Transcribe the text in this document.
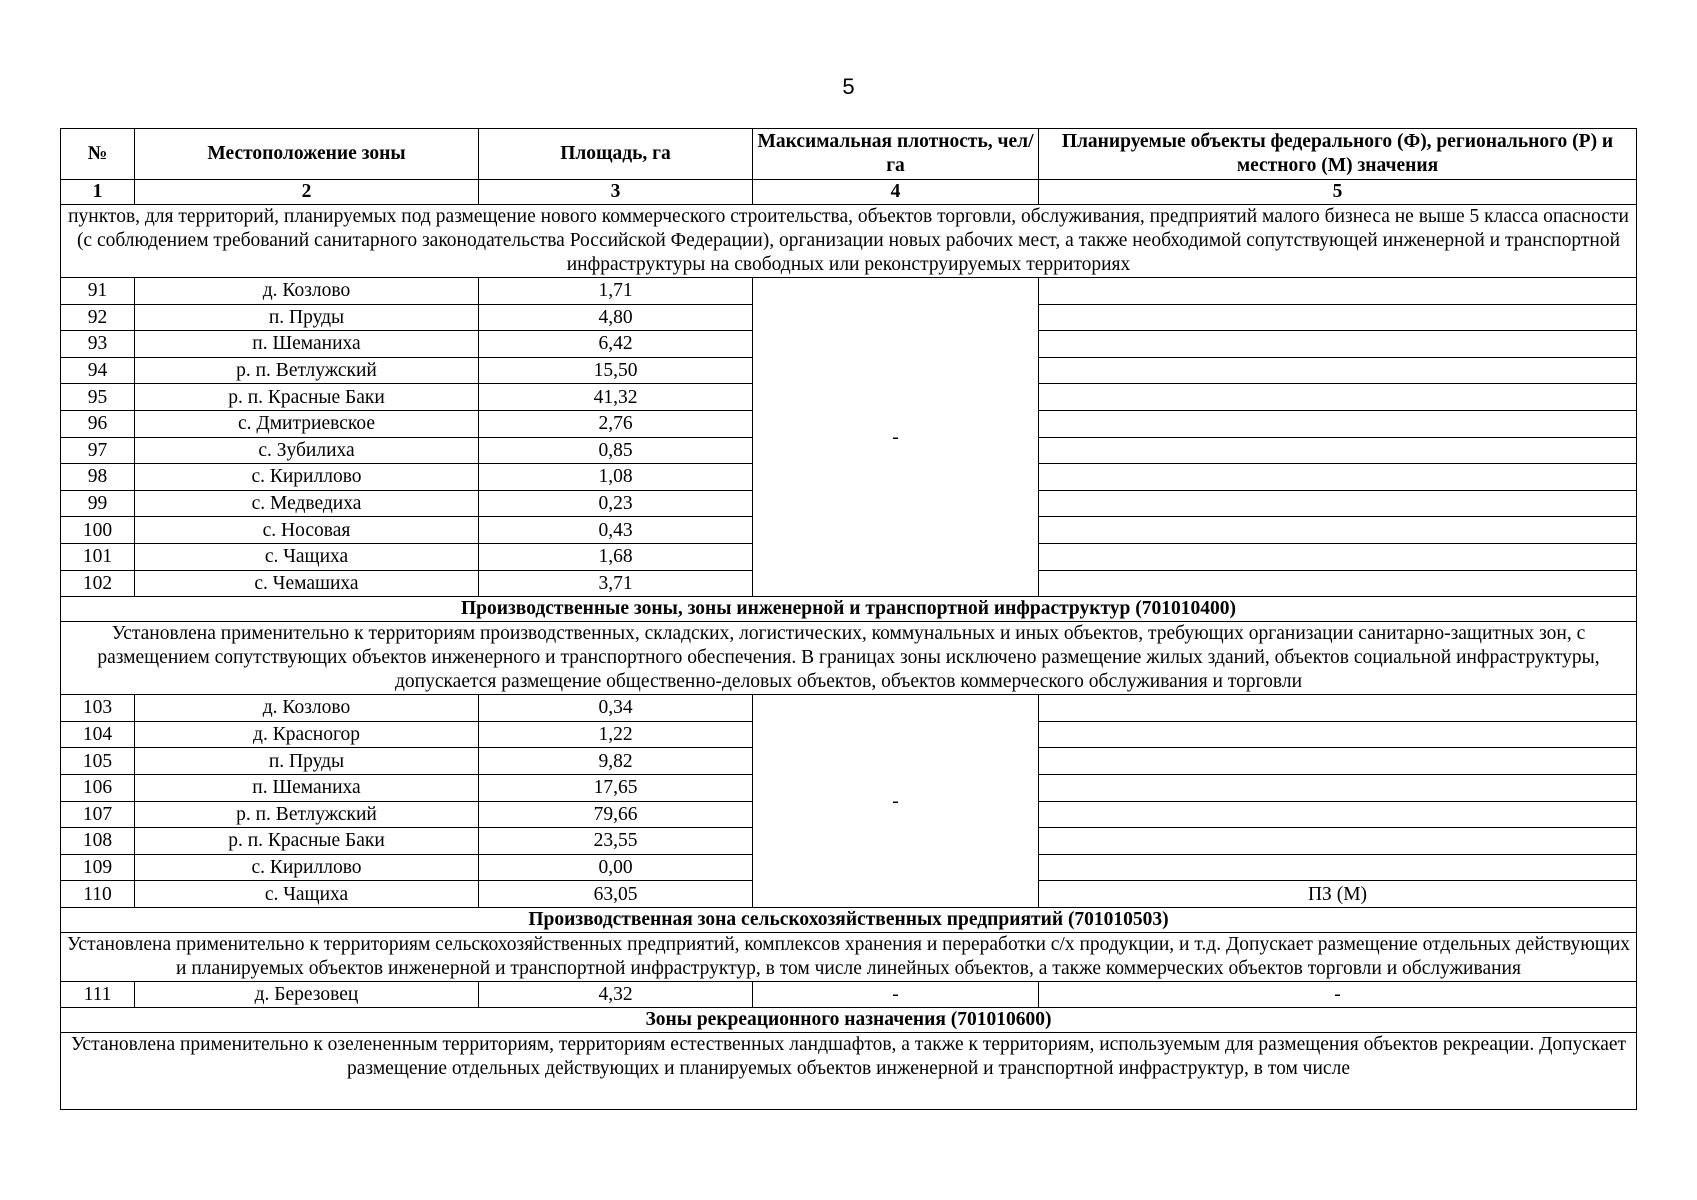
5
№	Местоположение зоны	Площадь, га	Максимальная плотность, чел/га	Планируемые объекты федерального (Ф), регионального (Р) и местного (М) значения
1	2	3	4	5
пунктов, для территорий, планируемых под размещение нового коммерческого строительства, объектов торговли, обслуживания, предприятий малого бизнеса не выше 5 класса опасности (с соблюдением требований санитарного законодательства Российской Федерации), организации новых рабочих мест, а также необходимой сопутствующей инженерной и транспортной инфраструктуры на свободных или реконструируемых территориях				
91	д. Козлово	1,71	-	
92	п. Пруды	4,80		
93	п. Шеманиха	6,42		
94	р. п. Ветлужский	15,50		
95	р. п. Красные Баки	41,32		
96	с. Дмитриевское	2,76		
97	с. Зубилиха	0,85		
98	с. Кириллово	1,08		
99	с. Медведиха	0,23		
100	с. Носовая	0,43		
101	с. Чащиха	1,68		
102	с. Чемашиха	3,71		
Производственные зоны, зоны инженерной и транспортной инфраструктур (701010400)				
Установлена применительно к территориям производственных, складских, логистических, коммунальных и иных объектов, требующих организации санитарно-защитных зон, с размещением сопутствующих объектов инженерного и транспортного обеспечения. В границах зоны исключено размещение жилых зданий, объектов социальной инфраструктуры, допускается размещение общественно-деловых объектов, объектов коммерческого обслуживания и торговли				
103	д. Козлово	0,34	-	
104	д. Красногор	1,22		
105	п. Пруды	9,82		
106	п. Шеманиха	17,65		
107	р. п. Ветлужский	79,66		
108	р. п. Красные Баки	23,55		
109	с. Кириллово	0,00		
110	с. Чащиха	63,05		ПЗ (М)
Производственная зона сельскохозяйственных предприятий (701010503)				
Установлена применительно к территориям сельскохозяйственных предприятий, комплексов хранения и переработки с/х продукции, и т.д. Допускает размещение отдельных действующих и планируемых объектов инженерной и транспортной инфраструктур, в том числе линейных объектов, а также коммерческих объектов торговли и обслуживания				
111	д. Березовец	4,32	-	-
Зоны рекреационного назначения (701010600)				
Установлена применительно к озелененным территориям, территориям естественных ландшафтов, а также к территориям, используемым для размещения объектов рекреации. Допускает размещение отдельных действующих и планируемых объектов инженерной и транспортной инфраструктур, в том числе				
